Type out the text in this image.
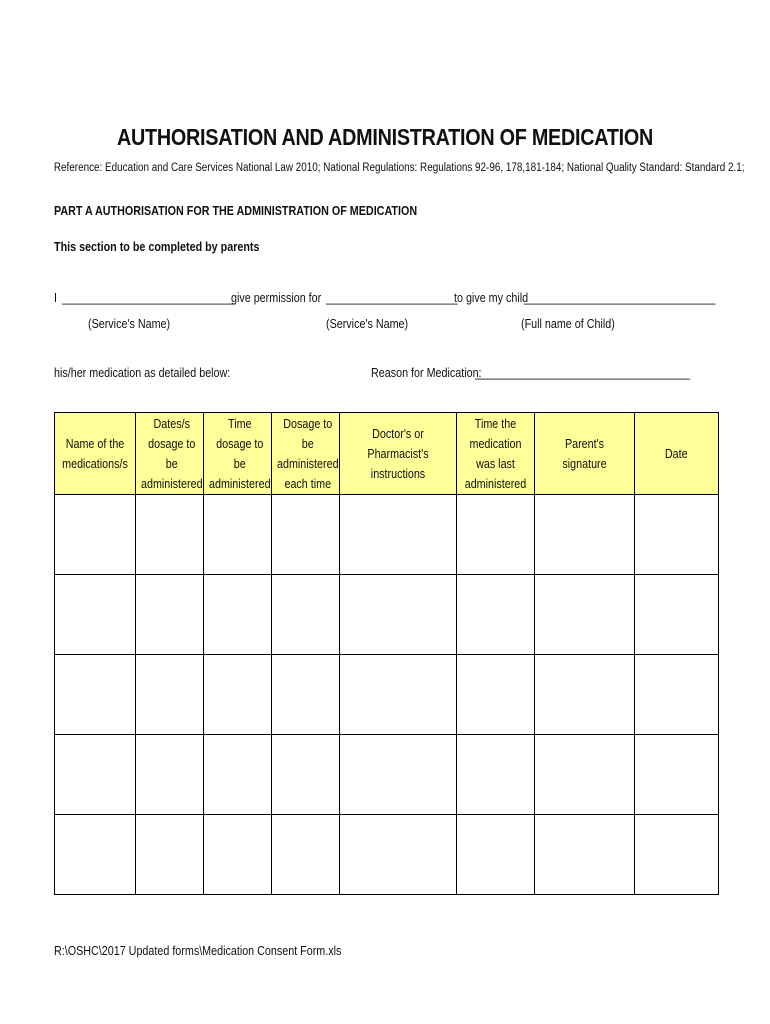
AUTHORISATION AND ADMINISTRATION OF MEDICATION
Reference: Education and Care Services National Law 2010; National Regulations: Regulations 92-96, 178,181-184; National Quality Standard: Standard 2.1;
PART A AUTHORISATION FOR THE ADMINISTRATION OF MEDICATION
This section to be completed by parents
I _____________________________
give permission for ______________________
to give my child
________________________________
(Service's Name)	(Service's Name)	(Full name of Child)
his/her medication as detailed below:	Reason for Medication:
____________________________________
Name of the medications/s	Dates/s dosage to be administered	Time dosage to be administered	Dosage to be administered each time	Doctor's or Pharmacist's instructions	Time the medication was last administered	Parent's signature	Date

R:\OSHC\2017 Updated forms\Medication Consent Form.xls
